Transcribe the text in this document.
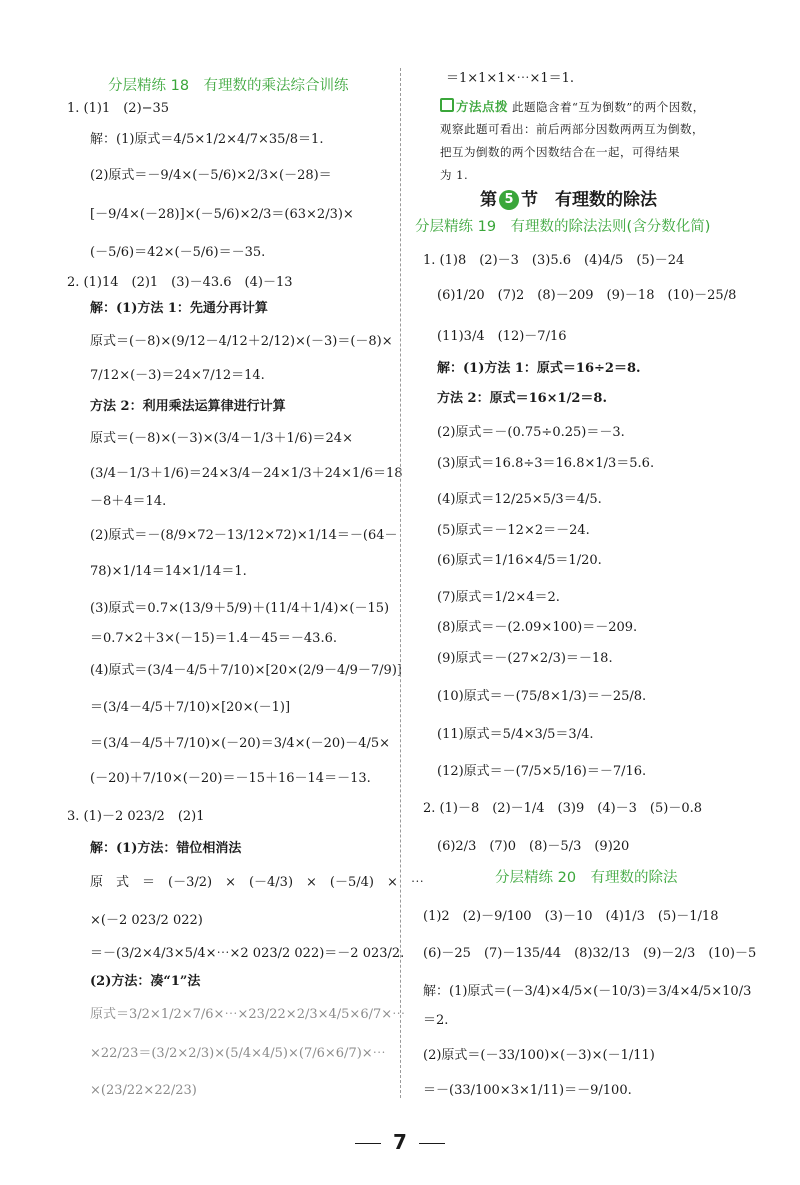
分层精练 18　有理数的乘法综合训练
1. (1)1　(2)−35
解：(1)原式＝4/5×1/2×4/7×35/8＝1.
(2)原式＝－9/4×(－5/6)×2/3×(－28)＝
[－9/4×(－28)]×(－5/6)×2/3＝(63×2/3)×
(－5/6)＝42×(－5/6)＝－35.
2. (1)14　(2)1　(3)－43.6　(4)－13
解：(1)方法 1：先通分再计算
原式＝(－8)×(9/12－4/12＋2/12)×(－3)＝(－8)×
7/12×(－3)＝24×7/12＝14.
方法 2：利用乘法运算律进行计算
原式＝(－8)×(－3)×(3/4－1/3＋1/6)＝24×
(3/4－1/3＋1/6)＝24×3/4－24×1/3＋24×1/6＝18
－8＋4＝14.
(2)原式＝－(8/9×72－13/12×72)×1/14＝－(64－
78)×1/14＝14×1/14＝1.
(3)原式＝0.7×(13/9＋5/9)＋(11/4＋1/4)×(－15)
＝0.7×2＋3×(－15)＝1.4－45＝－43.6.
(4)原式＝(3/4－4/5＋7/10)×[20×(2/9－4/9－7/9)]
＝(3/4－4/5＋7/10)×[20×(－1)]
＝(3/4－4/5＋7/10)×(－20)＝3/4×(－20)－4/5×
(－20)＋7/10×(－20)＝－15＋16－14＝－13.
3. (1)－2 023/2　(2)1
解：(1)方法：错位相消法
原　式　＝　(－3/2)　×　(－4/3)　×　(－5/4)　×　⋯
×(－2 023/2 022)
＝－(3/2×4/3×5/4×⋯×2 023/2 022)＝－2 023/2.
(2)方法：凑“1”法
原式＝3/2×1/2×7/6×⋯×23/22×2/3×4/5×6/7×⋯
×22/23＝(3/2×2/3)×(5/4×4/5)×(7/6×6/7)×⋯
×(23/22×22/23)
＝1×1×1×⋯×1＝1.
方法点拨 此题隐含着“互为倒数”的两个因数，
观察此题可看出：前后两部分因数两两互为倒数，
把互为倒数的两个因数结合在一起，可得结果
为 1.
第 5 节　有理数的除法
分层精练 19　有理数的除法法则(含分数化简)
1. (1)8　(2)－3　(3)5.6　(4)4/5　(5)－24
(6)1/20　(7)2　(8)－209　(9)－18　(10)－25/8
(11)3/4　(12)－7/16
解：(1)方法 1：原式＝16÷2＝8.
方法 2：原式＝16×1/2＝8.
(2)原式＝－(0.75÷0.25)＝－3.
(3)原式＝16.8÷3＝16.8×1/3＝5.6.
(4)原式＝12/25×5/3＝4/5.
(5)原式＝－12×2＝－24.
(6)原式＝1/16×4/5＝1/20.
(7)原式＝1/2×4＝2.
(8)原式＝－(2.09×100)＝－209.
(9)原式＝－(27×2/3)＝－18.
(10)原式＝－(75/8×1/3)＝－25/8.
(11)原式＝5/4×3/5＝3/4.
(12)原式＝－(7/5×5/16)＝－7/16.
2. (1)－8　(2)－1/4　(3)9　(4)－3　(5)－0.8
(6)2/3　(7)0　(8)－5/3　(9)20
分层精练 20　有理数的除法
(1)2　(2)－9/100　(3)－10　(4)1/3　(5)－1/18
(6)－25　(7)－135/44　(8)32/13　(9)－2/3　(10)－5
解：(1)原式＝(－3/4)×4/5×(－10/3)＝3/4×4/5×10/3
＝2.
(2)原式＝(－33/100)×(－3)×(－1/11)
＝－(33/100×3×1/11)＝－9/100.
7
